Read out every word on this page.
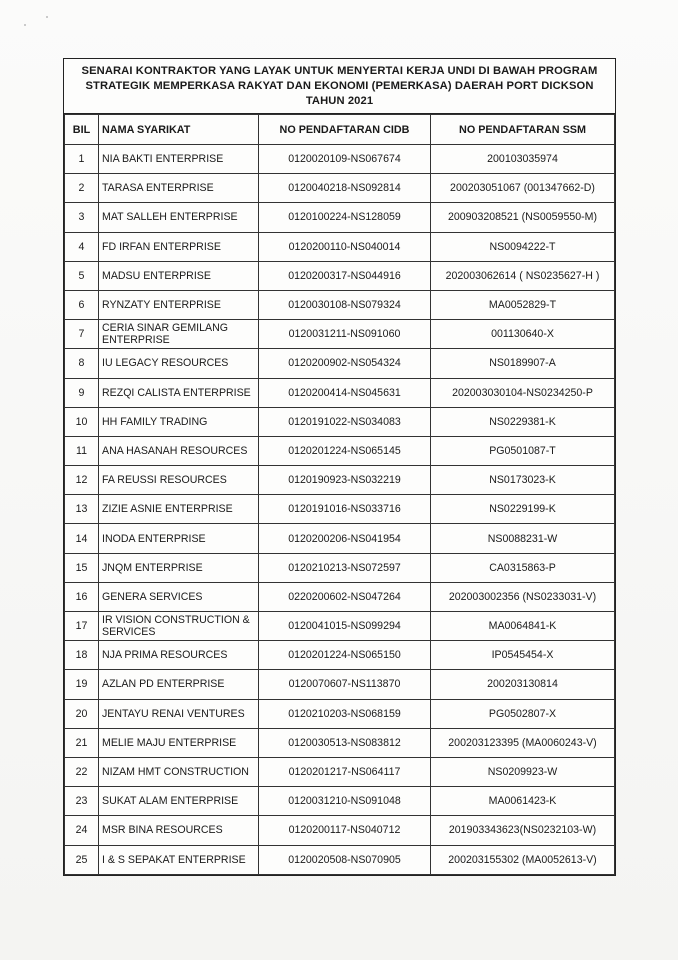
SENARAI KONTRAKTOR YANG LAYAK UNTUK MENYERTAI KERJA UNDI DI BAWAH PROGRAM
STRATEGIK MEMPERKASA RAKYAT DAN EKONOMI (PEMERKASA) DAERAH PORT DICKSON
TAHUN 2021
BIL	NAMA SYARIKAT	NO PENDAFTARAN CIDB	NO PENDAFTARAN SSM
1	NIA BAKTI ENTERPRISE	0120020109-NS067674	200103035974
2	TARASA ENTERPRISE	0120040218-NS092814	200203051067 (001347662-D)
3	MAT SALLEH ENTERPRISE	0120100224-NS128059	200903208521 (NS0059550-M)
4	FD IRFAN ENTERPRISE	0120200110-NS040014	NS0094222-T
5	MADSU ENTERPRISE	0120200317-NS044916	202003062614 ( NS0235627-H )
6	RYNZATY ENTERPRISE	0120030108-NS079324	MA0052829-T
7	CERIA SINAR GEMILANG ENTERPRISE	0120031211-NS091060	001130640-X
8	IU LEGACY RESOURCES	0120200902-NS054324	NS0189907-A
9	REZQI CALISTA ENTERPRISE	0120200414-NS045631	202003030104-NS0234250-P
10	HH FAMILY TRADING	0120191022-NS034083	NS0229381-K
11	ANA HASANAH RESOURCES	0120201224-NS065145	PG0501087-T
12	FA REUSSI RESOURCES	0120190923-NS032219	NS0173023-K
13	ZIZIE ASNIE ENTERPRISE	0120191016-NS033716	NS0229199-K
14	INODA ENTERPRISE	0120200206-NS041954	NS0088231-W
15	JNQM ENTERPRISE	0120210213-NS072597	CA0315863-P
16	GENERA SERVICES	0220200602-NS047264	202003002356 (NS0233031-V)
17	IR VISION CONSTRUCTION & SERVICES	0120041015-NS099294	MA0064841-K
18	NJA PRIMA RESOURCES	0120201224-NS065150	IP0545454-X
19	AZLAN PD ENTERPRISE	0120070607-NS113870	200203130814
20	JENTAYU RENAI VENTURES	0120210203-NS068159	PG0502807-X
21	MELIE MAJU ENTERPRISE	0120030513-NS083812	200203123395 (MA0060243-V)
22	NIZAM HMT CONSTRUCTION	0120201217-NS064117	NS0209923-W
23	SUKAT ALAM ENTERPRISE	0120031210-NS091048	MA0061423-K
24	MSR BINA RESOURCES	0120200117-NS040712	201903343623(NS0232103-W)
25	I & S SEPAKAT ENTERPRISE	0120020508-NS070905	200203155302 (MA0052613-V)
